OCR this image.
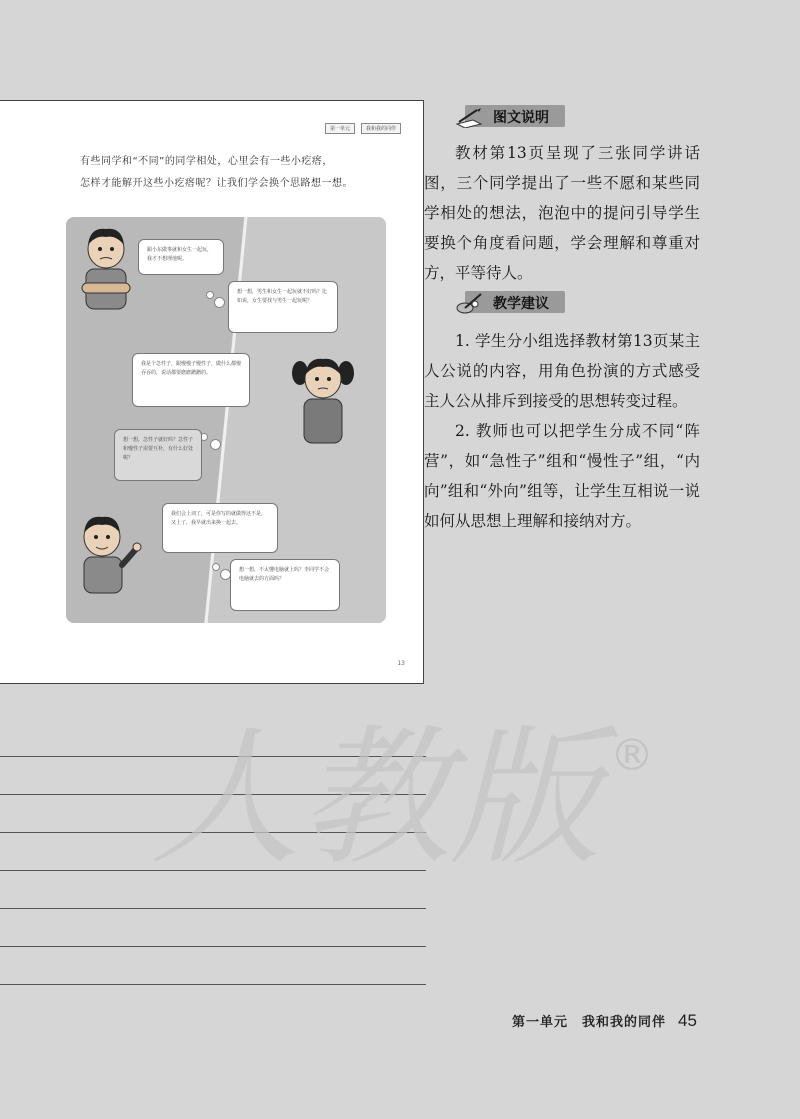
第一单元	我和我的同伴
有些同学和“不同”的同学相处，心里会有一些小疙瘩，
怎样才能解开这些小疙瘩呢？让我们学会换个思路想一想。
跟小东做事就和女生一起玩，我才不想理他呢。
想一想，男生和女生一起玩就不好吗？比如说，女生要找与男生一起玩呢？
我是个急性子，跟慢慢子慢性子，做什么都慢吞吞的，说话都要磨磨蹭蹭的。
想一想，急性子就好吗？急性子和慢性子需要互补，有什么好处呢？
我们会上词了，可是你写的就做得这不是，又上了，我早就出来换一起去。
想一想，不太懂电脑就上吗？李同学不会电脑就去的方面吗？
13
图文说明

教材第13页呈现了三张同学讲话图，三个同学提出了一些不愿和某些同学相处的想法，泡泡中的提问引导学生要换个角度看问题，学会理解和尊重对方，平等待人。

教学建议

1. 学生分小组选择教材第13页某主人公说的内容，用角色扮演的方式感受主人公从排斥到接受的思想转变过程。

2. 教师也可以把学生分成不同“阵营”，如“急性子”组和“慢性子”组，“内向”组和“外向”组等，让学生互相说一说如何从思想上理解和接纳对方。

人教版 ®
第一单元　我和我的同伴 45
